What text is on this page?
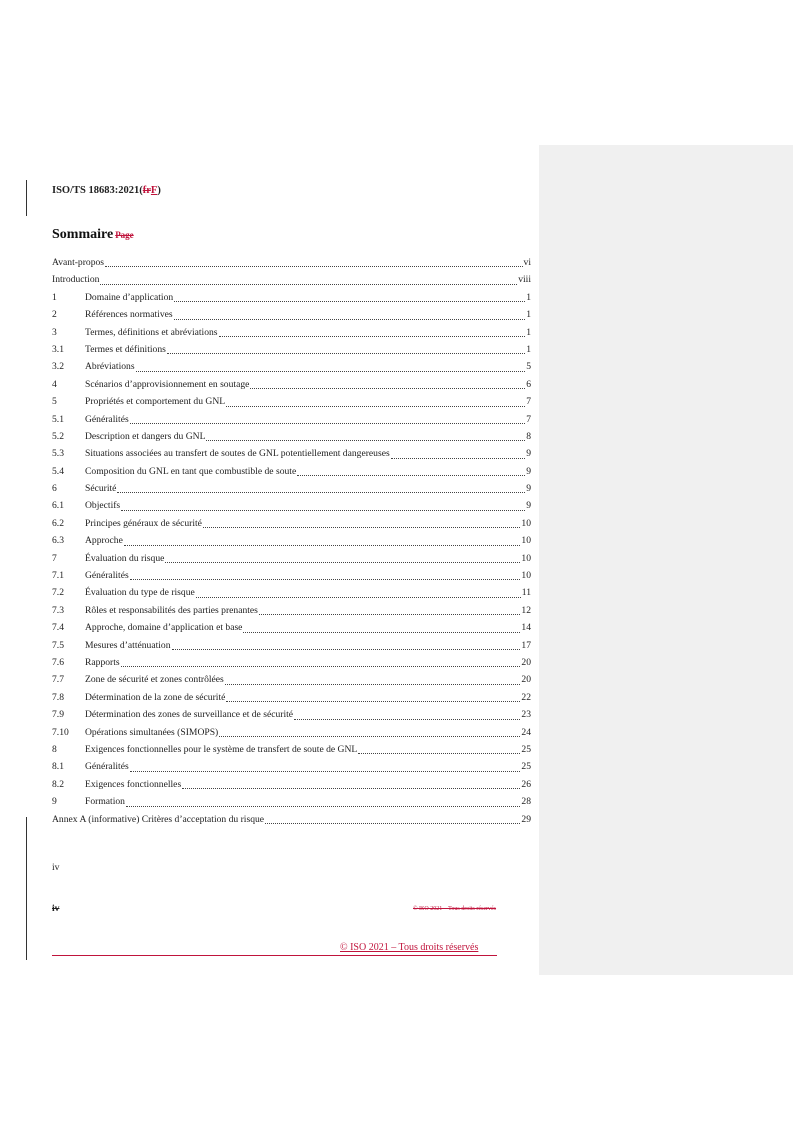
ISO/TS 18683:2021(frF)
Sommaire Page
Avant-propos	vi
Introduction	viii
1	Domaine d’application	1
2	Références normatives	1
3	Termes, définitions et abréviations	1
3.1	Termes et définitions	1
3.2	Abréviations	5
4	Scénarios d’approvisionnement en soutage	6
5	Propriétés et comportement du GNL	7
5.1	Généralités	7
5.2	Description et dangers du GNL	8
5.3	Situations associées au transfert de soutes de GNL potentiellement dangereuses	9
5.4	Composition du GNL en tant que combustible de soute	9
6	Sécurité	9
6.1	Objectifs	9
6.2	Principes généraux de sécurité	10
6.3	Approche	10
7	Évaluation du risque	10
7.1	Généralités	10
7.2	Évaluation du type de risque	11
7.3	Rôles et responsabilités des parties prenantes	12
7.4	Approche, domaine d’application et base	14
7.5	Mesures d’atténuation	17
7.6	Rapports	20
7.7	Zone de sécurité et zones contrôlées	20
7.8	Détermination de la zone de sécurité	22
7.9	Détermination des zones de surveillance et de sécurité	23
7.10	Opérations simultanées (SIMOPS)	24
8	Exigences fonctionnelles pour le système de transfert de soute de GNL	25
8.1	Généralités	25
8.2	Exigences fonctionnelles	26
9	Formation	28
Annex A (informative) Critères d’acceptation du risque	29
iv
iv	© ISO 2021 – Tous droits réservés
© ISO 2021 – Tous droits réservés
